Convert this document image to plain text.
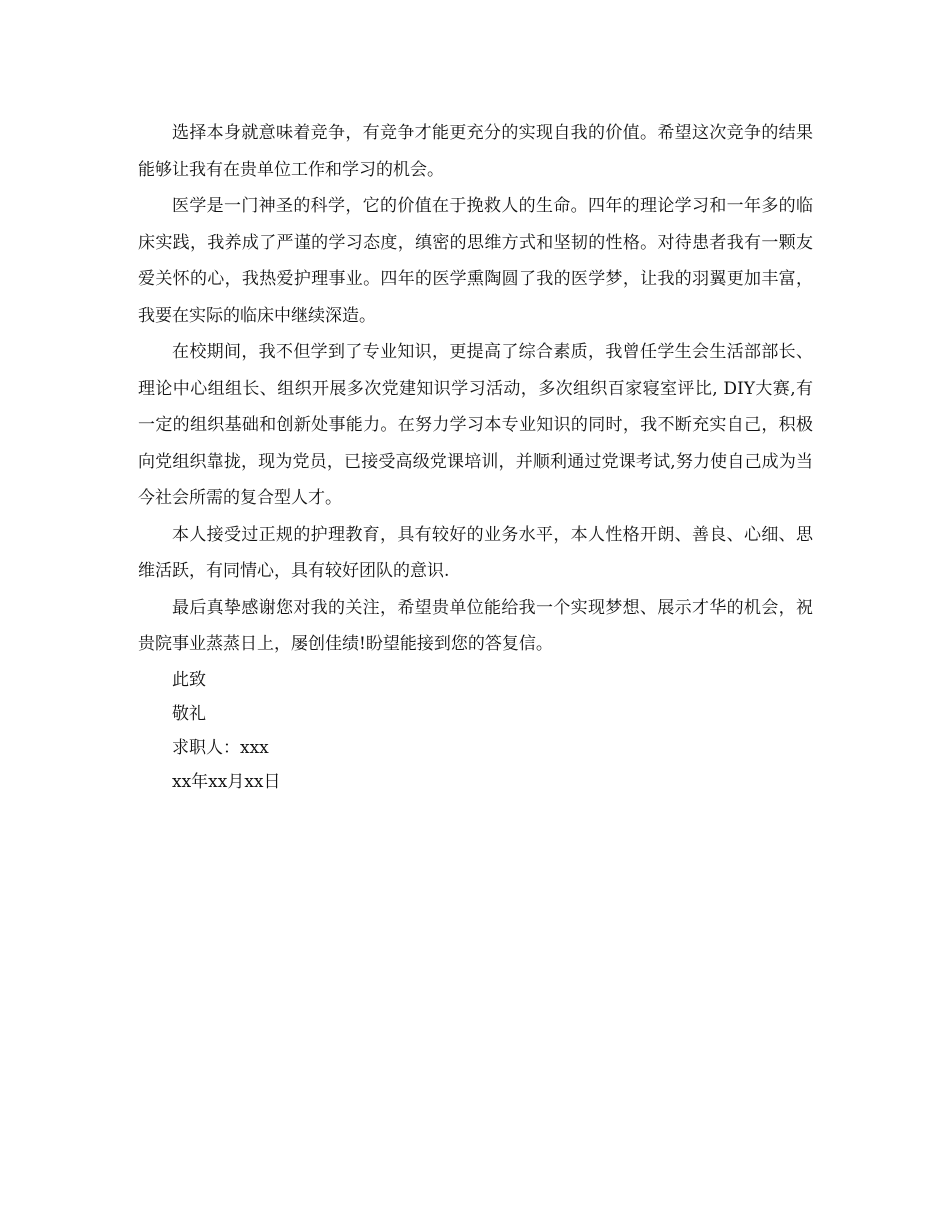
选择本身就意味着竞争，有竞争才能更充分的实现自我的价值。希望这次竞争的结果能够让我有在贵单位工作和学习的机会。

医学是一门神圣的科学，它的价值在于挽救人的生命。四年的理论学习和一年多的临床实践，我养成了严谨的学习态度，缜密的思维方式和坚韧的性格。对待患者我有一颗友爱关怀的心，我热爱护理事业。四年的医学熏陶圆了我的医学梦，让我的羽翼更加丰富，我要在实际的临床中继续深造。

在校期间，我不但学到了专业知识，更提高了综合素质，我曾任学生会生活部部长、理论中心组组长、组织开展多次党建知识学习活动，多次组织百家寝室评比, DIY大赛,有一定的组织基础和创新处事能力。在努力学习本专业知识的同时，我不断充实自己，积极向党组织靠拢，现为党员，已接受高级党课培训，并顺利通过党课考试,努力使自己成为当今社会所需的复合型人才。

本人接受过正规的护理教育，具有较好的业务水平，本人性格开朗、善良、心细、思维活跃，有同情心，具有较好团队的意识.

最后真挚感谢您对我的关注，希望贵单位能给我一个实现梦想、展示才华的机会，祝贵院事业蒸蒸日上，屡创佳绩!盼望能接到您的答复信。

此致

敬礼

求职人：xxx

xx年xx月xx日
